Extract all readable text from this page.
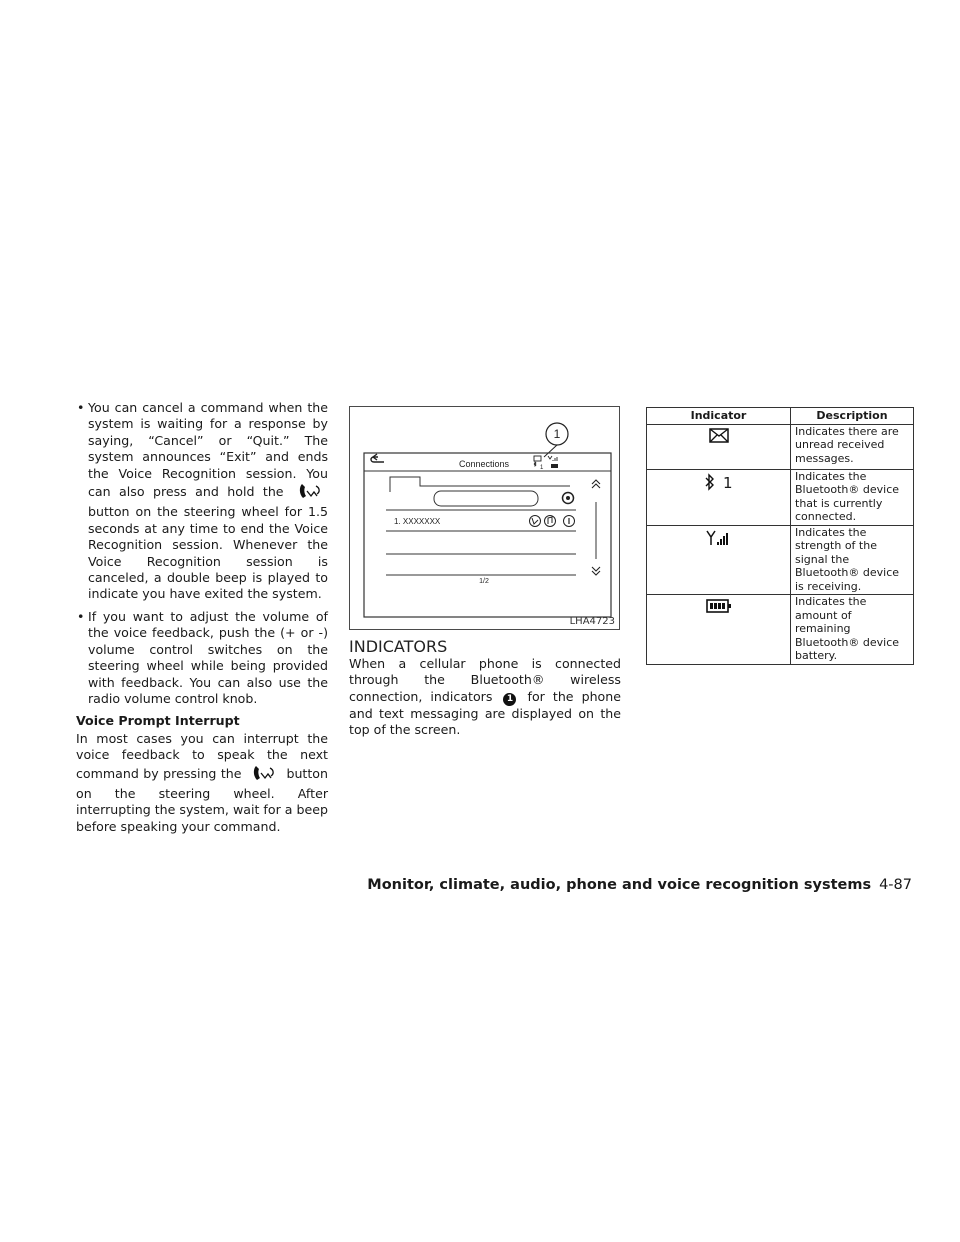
• You can cancel a command when the system is waiting for a response by saying, “Cancel” or “Quit.” The system announces “Exit” and ends the Voice Recognition session. You can also press and hold the  button on the steering wheel for 1.5 seconds at any time to end the Voice Recognition session. Whenever the Voice Recognition session is canceled, a double beep is played to indicate you have exited the system.
• If you want to adjust the volume of the voice feedback, push the (+ or -) volume control switches on the steering wheel while being provided with feedback. You can also use the radio volume control knob.
Voice Prompt Interrupt
In most cases you can interrupt the voice feedback to speak the next command by pressing the	button on the steering wheel. After interrupting the system, wait for a beep before speaking your command.
1
Connections	1
1. XXXXXXX
1/2
LHA4723
INDICATORS
When a cellular phone is connected through the Bluetooth® wireless connection, indicators 1 for the phone and text messaging are displayed on the top of the screen.
Indicator	Description
	Indicates there are unread received messages.
1	Indicates the Bluetooth® device that is currently connected.
	Indicates the strength of the signal the Bluetooth® device is receiving.
	Indicates the amount of remaining Bluetooth® device battery.
Monitor, climate, audio, phone and voice recognition systems 4-87
